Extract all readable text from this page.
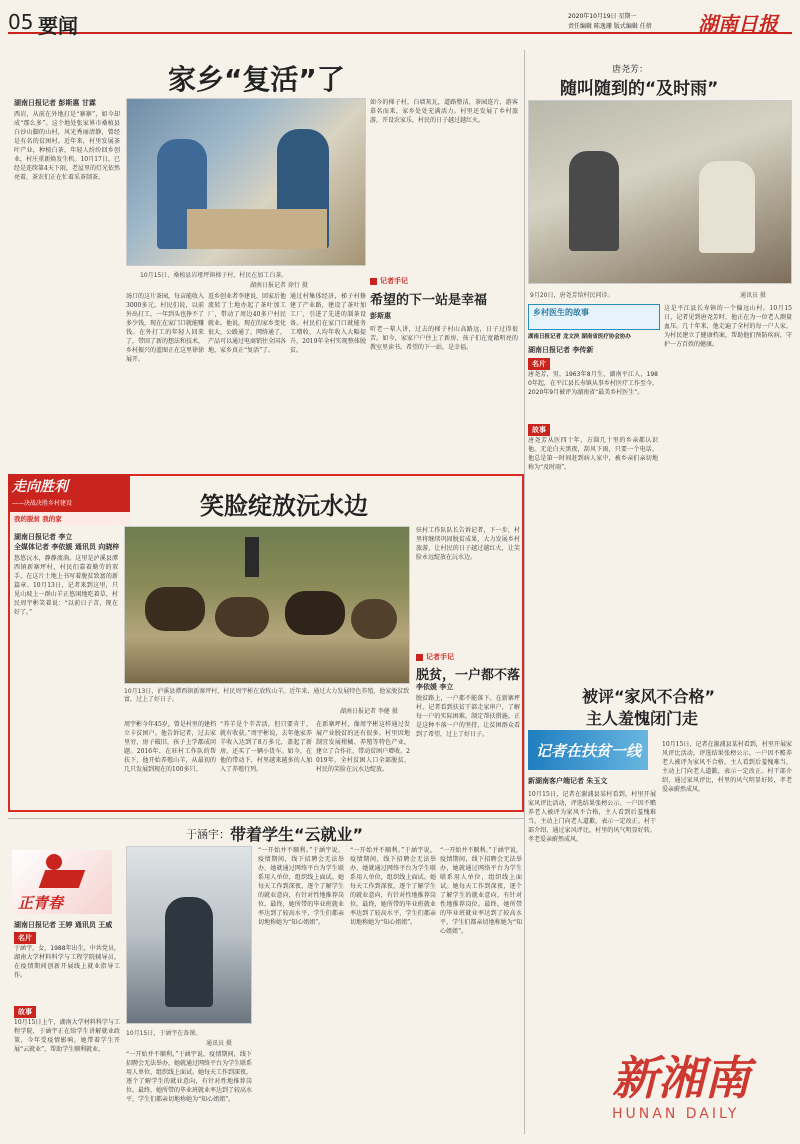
05 要闻	2020年10月19日 星期一
责任编辑 陈逸珊 版式编辑 任蓓 湖南日报
家乡“复活”了
湖南日报记者 彭斯惠 甘霖
西岩，从前在外地打是“寨寨”，如今却成“那么多”。这个地处张家界市桑植县白沙山脚的山村，风光秀丽清静，曾经是有名的贫困村。近年来，村里发展茶叶产业，种植白茶，年轻人纷纷回乡创业，村庄重新焕发生机。10月17日，已经是连续第4天下雨，老屋里的灯光依然亮着，茶农们正在忙着采茶制茶。
10月15日，桑植县岩垭坪镇梯子村，村民在加工白茶。
湖南日报记者 徐行 摄
汤口的这片茶园，每亩能收入3000多元，村民们说，以前外出打工，一年到头也挣不了多少钱，现在在家门口就能赚钱。在外打工的年轻人回来了，带回了新的想法和技术，乡村振兴的蓝图正在这里徐徐展开。
返乡创业者李建说，回家后他流转了土地办起了茶叶加工厂，带动了周边40多户村民就业。他说，现在的家乡变化很大，公路通了，网络通了，产品可以通过电商销往全国各地，家乡真正“复活”了。
通过村集体经济，梯子村修建了产业路，建设了茶叶加工厂，引进了先进的制茶设备。村民们在家门口就能务工增收，人均年收入大幅提升，2019年全村实现整体脱贫。
如今的梯子村，白墙灰瓦，道路整洁，茶园连片，游客慕名而来，家乡处处充满活力。村里还发展了乡村旅游，开设农家乐，村民的日子越过越红火。
记者手记
希望的下一站是幸福
彭斯惠
听老一辈人讲，过去的梯子村山高路远，日子过得很苦。如今，家家户户住上了新房，孩子们在宽敞明亮的教室里读书。希望的下一站，是幸福。
唐尧芳：
随叫随到的“及时雨”
9月20日，唐尧芳给村民问诊。	通讯员 摄
乡村医生的故事
湖南日报记者 龙文泱 湖南省医疗协会协办
湖南日报记者 李传新
名片
唐尧芳，男，1963年8月生，湖南平江人，1980年起，在平江县长寿镇从事乡村医疗工作至今，2020年9月被评为湖南省“最美乡村医生”。
故事
唐尧芳从医四十年，方圆几十里的乡亲都认识他。无论白天黑夜，刮风下雨，只要一个电话，他总是第一时间赶到病人家中，被乡亲们亲切地称为“及时雨”。
这是平江县长寿镇的一个偏远山村。10月15日，记者见到唐尧芳时，他正在为一位老人测量血压。几十年来，他走遍了全村的每一户人家，为村民建立了健康档案，帮助他们预防疾病，守护一方百姓的健康。
走向胜利
——决战决胜乡村建设
我的脱贫 我的家	笑脸绽放沅水边
湖南日报记者 李立
全媒体记者 李依媛 通讯员 向晓梓
悠悠沅水，静静流淌。这里是泸溪县潭西镇新寨坪村，村民们靠着勤劳的双手，在这片土地上书写着脱贫致富的新篇章。10月13日，记者来到这里，只见山坡上一群山羊正悠闲地吃着草，村民周宇彬笑着说：“以前日子苦，现在好了。”
10月13日，泸溪县潭西镇新寨坪村，村民周宇彬在放牧山羊。近年来，通过大力发展特色养殖，他家脱贫致富，过上了好日子。
湖南日报记者 李健 摄
周宇彬今年45岁，曾是村里的建档立卡贫困户。他告诉记者，过去家里穷，房子破旧，孩子上学都成问题。2016年，在驻村工作队的帮扶下，他开始养殖山羊，从最初的几只发展到现在的100多只。
“养羊是个辛苦活，但只要肯干，就有收获。”周宇彬说，去年他家养羊收入达到了8万多元，盖起了新房，还买了一辆小货车。如今，在他的带动下，村里越来越多的人加入了养殖行列。
在新寨坪村，像周宇彬这样通过发展产业脱贫的还有很多。村里因地制宜发展柑橘、养殖等特色产业，建立了合作社，带动贫困户增收。2019年，全村贫困人口全部脱贫，村民的笑脸在沅水边绽放。
驻村工作队队长告诉记者，下一步，村里将继续巩固脱贫成果，大力发展乡村旅游，让村民的日子越过越红火，让笑脸永远绽放在沅水边。
记者手记
脱贫，一户都不落
李依媛 李立
脱贫路上，一户都不能落下。在新寨坪村，记者看到扶贫干部走家串户，了解每一户的实际困难，制定帮扶措施。正是这种不落一户的坚持，让贫困群众看到了希望，过上了好日子。
被评“家风不合格”
主人羞愧闭门走
记者在扶贫一线
新湖南客户端记者 朱玉文
10月15日，记者在溆浦县某村看到，村里开展家风评比活动，评选结果张榜公示。一户因不赡养老人被评为家风不合格，主人看到后羞愧难当，主动上门向老人道歉，表示一定改正。村干部介绍，通过家风评比，村里的风气明显好转，孝老爱亲蔚然成风。
10月15日，记者在溆浦县某村看到，村里开展家风评比活动，评选结果张榜公示。一户因不赡养老人被评为家风不合格，主人看到后羞愧难当，主动上门向老人道歉，表示一定改正。村干部介绍，通过家风评比，村里的风气明显好转，孝老爱亲蔚然成风。
正青春
于涵宇： 带着学生“云就业”
湖南日报记者 王婷 通讯员 王威
名片
于涵宇，女，1988年出生，中共党员，湖南大学材料科学与工程学院辅导员，在疫情期间创新开展线上就业指导工作。
故事
10月15日上午，湖南大学材料科学与工程学院，于涵宇正在给学生讲解就业政策，今年受疫情影响，她带着学生开展“云就业”，帮助学生顺利就业。
10月15日，于涵宇在备课。
通讯员 摄
“一开始并不顺利。”于涵宇说，疫情期间，线下招聘会无法举办，她就通过网络平台为学生联系用人单位，组织线上面试。她每天工作到深夜，逐个了解学生的就业意向，有针对性地推荐岗位。最终，她所带的毕业班就业率达到了较高水平，学生们都亲切地称她为“知心姐姐”。
“一开始并不顺利。”于涵宇说，疫情期间，线下招聘会无法举办，她就通过网络平台为学生联系用人单位，组织线上面试。她每天工作到深夜，逐个了解学生的就业意向，有针对性地推荐岗位。最终，她所带的毕业班就业率达到了较高水平，学生们都亲切地称她为“知心姐姐”。
“一开始并不顺利。”于涵宇说，疫情期间，线下招聘会无法举办，她就通过网络平台为学生联系用人单位，组织线上面试。她每天工作到深夜，逐个了解学生的就业意向，有针对性地推荐岗位。最终，她所带的毕业班就业率达到了较高水平，学生们都亲切地称她为“知心姐姐”。
“一开始并不顺利。”于涵宇说，疫情期间，线下招聘会无法举办，她就通过网络平台为学生联系用人单位，组织线上面试。她每天工作到深夜，逐个了解学生的就业意向，有针对性地推荐岗位。最终，她所带的毕业班就业率达到了较高水平，学生们都亲切地称她为“知心姐姐”。
新湘南
HUNAN DAILY
